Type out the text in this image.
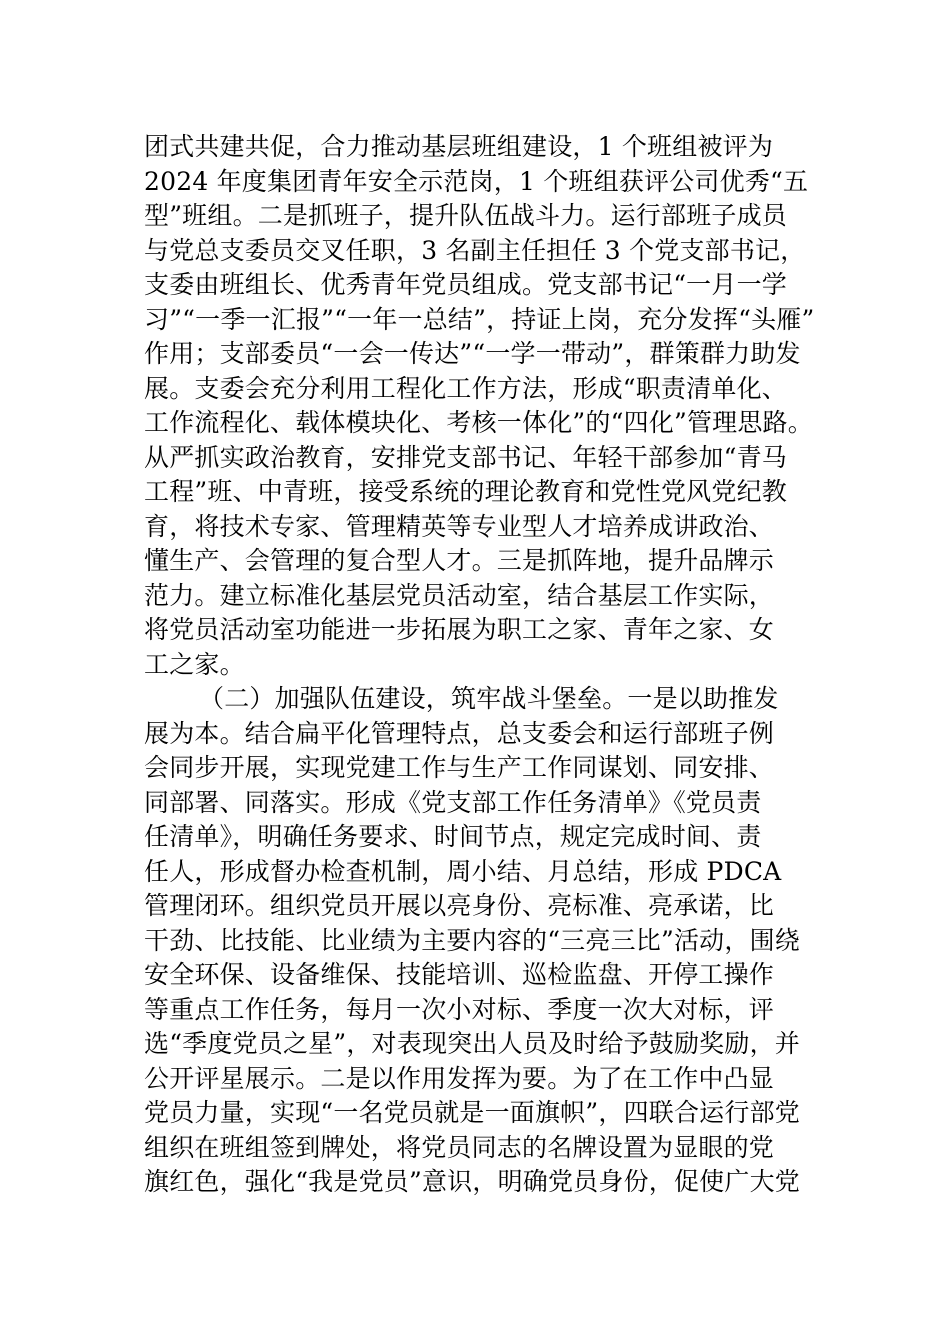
团式共建共促，合力推动基层班组建设，1 个班组被评为
2024 年度集团青年安全示范岗，1 个班组获评公司优秀“五
型”班组。二是抓班子，提升队伍战斗力。运行部班子成员
与党总支委员交叉任职，3 名副主任担任 3 个党支部书记，
支委由班组长、优秀青年党员组成。党支部书记“一月一学
习”“一季一汇报”“一年一总结”，持证上岗，充分发挥“头雁”
作用；支部委员“一会一传达”“一学一带动”，群策群力助发
展。支委会充分利用工程化工作方法，形成“职责清单化、
工作流程化、载体模块化、考核一体化”的“四化”管理思路。
从严抓实政治教育，安排党支部书记、年轻干部参加“青马
工程”班、中青班，接受系统的理论教育和党性党风党纪教
育，将技术专家、管理精英等专业型人才培养成讲政治、
懂生产、会管理的复合型人才。三是抓阵地，提升品牌示
范力。建立标准化基层党员活动室，结合基层工作实际，
将党员活动室功能进一步拓展为职工之家、青年之家、女
工之家。
（二）加强队伍建设，筑牢战斗堡垒。一是以助推发
展为本。结合扁平化管理特点，总支委会和运行部班子例
会同步开展，实现党建工作与生产工作同谋划、同安排、
同部署、同落实。形成《党支部工作任务清单》《党员责
任清单》，明确任务要求、时间节点，规定完成时间、责
任人，形成督办检查机制，周小结、月总结，形成 PDCA
管理闭环。组织党员开展以亮身份、亮标准、亮承诺，比
干劲、比技能、比业绩为主要内容的“三亮三比”活动，围绕
安全环保、设备维保、技能培训、巡检监盘、开停工操作
等重点工作任务，每月一次小对标、季度一次大对标，评
选“季度党员之星”，对表现突出人员及时给予鼓励奖励，并
公开评星展示。二是以作用发挥为要。为了在工作中凸显
党员力量，实现“一名党员就是一面旗帜”，四联合运行部党
组织在班组签到牌处，将党员同志的名牌设置为显眼的党
旗红色，强化“我是党员”意识，明确党员身份，促使广大党
